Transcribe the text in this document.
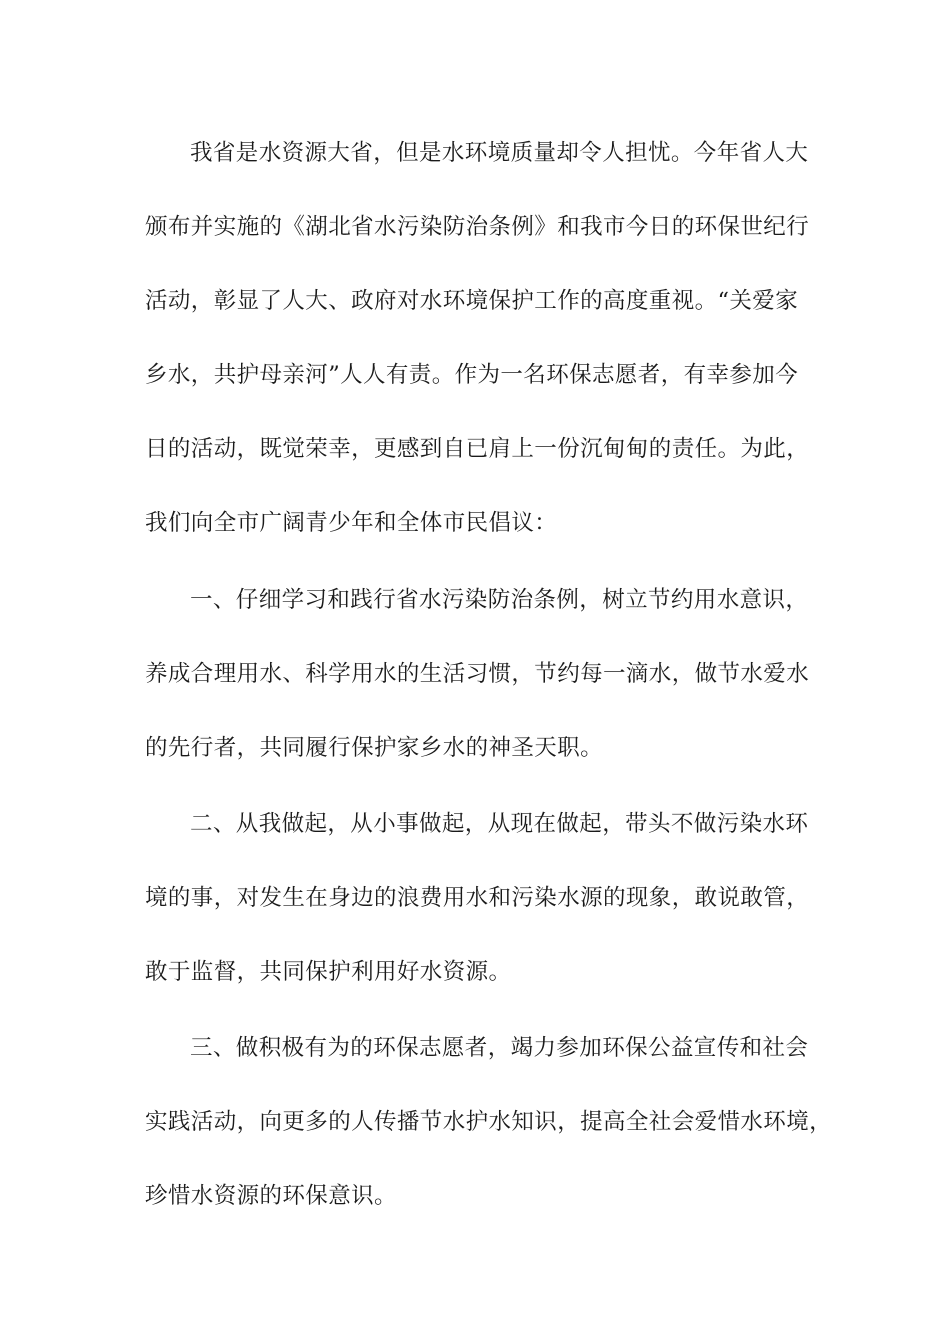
我省是水资源大省，但是水环境质量却令人担忧。今年省人大

颁布并实施的《湖北省水污染防治条例》和我市今日的环保世纪行

活动，彰显了人大、政府对水环境保护工作的高度重视。“关爱家

乡水，共护母亲河”人人有责。作为一名环保志愿者，有幸参加今

日的活动，既觉荣幸，更感到自已肩上一份沉甸甸的责任。为此，

我们向全市广阔青少年和全体市民倡议：

一、仔细学习和践行省水污染防治条例，树立节约用水意识，

养成合理用水、科学用水的生活习惯，节约每一滴水，做节水爱水

的先行者，共同履行保护家乡水的神圣天职。

二、从我做起，从小事做起，从现在做起，带头不做污染水环

境的事，对发生在身边的浪费用水和污染水源的现象，敢说敢管，

敢于监督，共同保护利用好水资源。

三、做积极有为的环保志愿者，竭力参加环保公益宣传和社会

实践活动，向更多的人传播节水护水知识，提高全社会爱惜水环境，

珍惜水资源的环保意识。
